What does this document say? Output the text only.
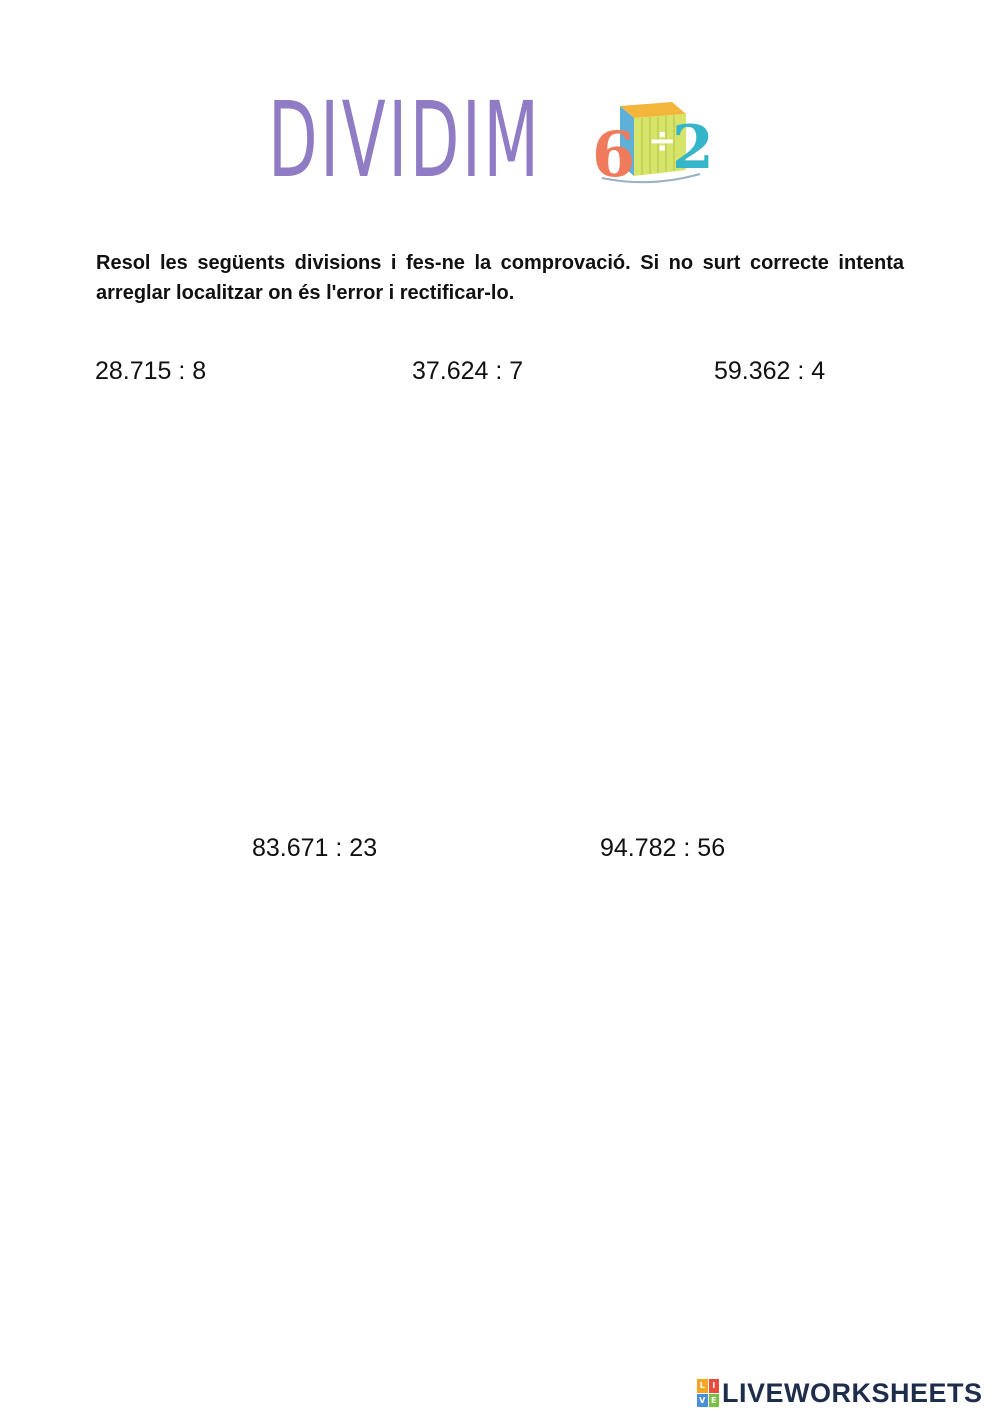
DIVIDIM 6 2
÷
Resol les següents divisions i fes-ne la comprovació. Si no surt correcte intenta arreglar localitzar on és l'error i rectificar-lo.
28.715 : 8	37.624 : 7	59.362 : 4
83.671 : 23	94.782 : 56
L I
V E LIVEWORKSHEETS
